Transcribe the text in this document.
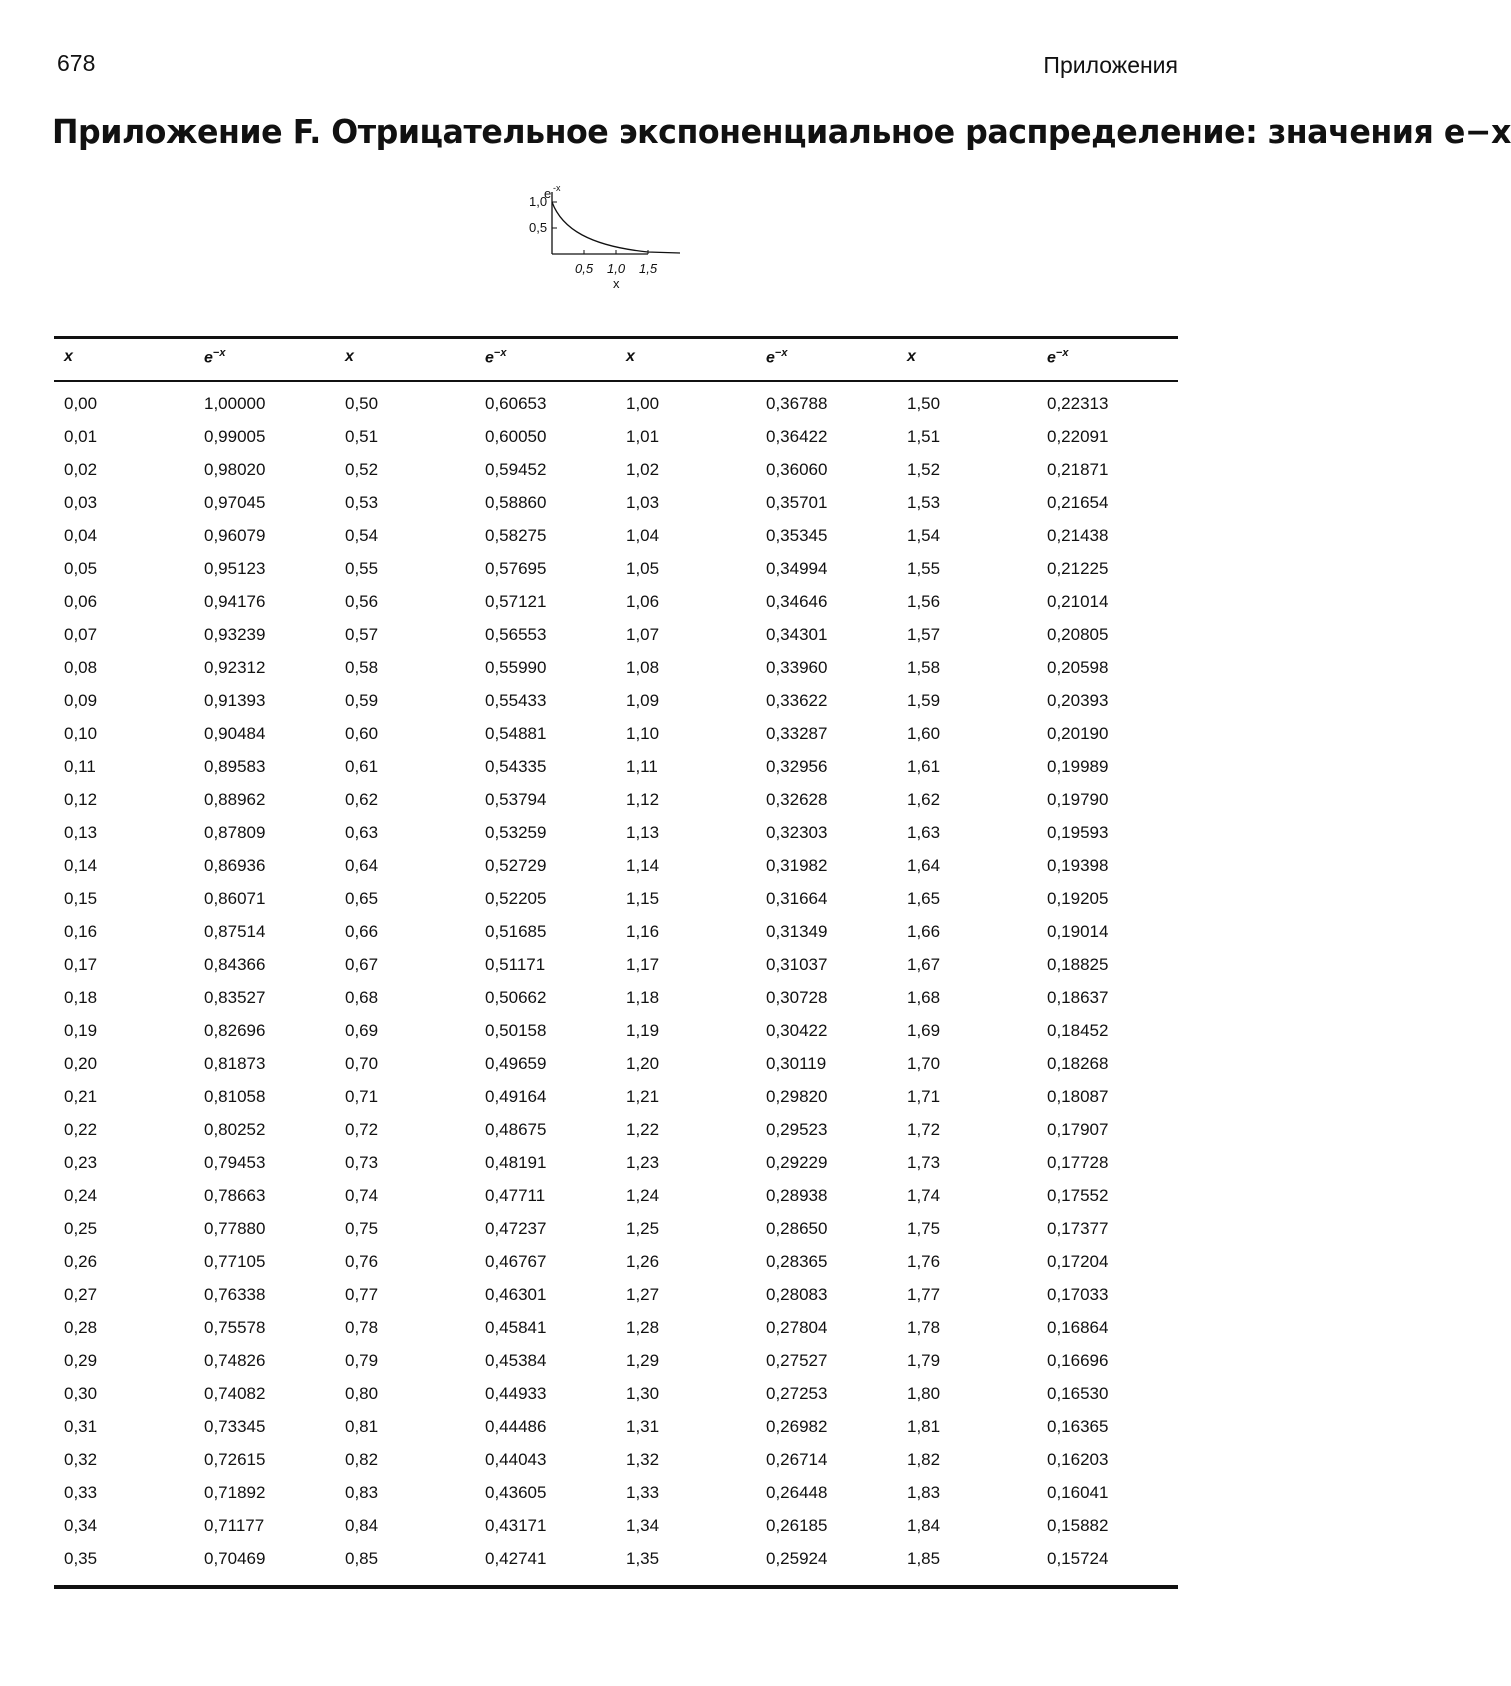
678	Приложения
Приложение F. Отрицательное экспоненциальное распределение: значения e−x
e -x
1,0
0,5
0,5 1,0 1,5
x
x	$e^{-x}$	x	$e^{-x}$	x	$e^{-x}$	x	$e^{-x}$

0,00	1,00000	0,50	0,60653	1,00	0,36788	1,50	0,22313
0,01	0,99005	0,51	0,60050	1,01	0,36422	1,51	0,22091
0,02	0,98020	0,52	0,59452	1,02	0,36060	1,52	0,21871
0,03	0,97045	0,53	0,58860	1,03	0,35701	1,53	0,21654
0,04	0,96079	0,54	0,58275	1,04	0,35345	1,54	0,21438
0,05	0,95123	0,55	0,57695	1,05	0,34994	1,55	0,21225
0,06	0,94176	0,56	0,57121	1,06	0,34646	1,56	0,21014
0,07	0,93239	0,57	0,56553	1,07	0,34301	1,57	0,20805
0,08	0,92312	0,58	0,55990	1,08	0,33960	1,58	0,20598
0,09	0,91393	0,59	0,55433	1,09	0,33622	1,59	0,20393
0,10	0,90484	0,60	0,54881	1,10	0,33287	1,60	0,20190
0,11	0,89583	0,61	0,54335	1,11	0,32956	1,61	0,19989
0,12	0,88962	0,62	0,53794	1,12	0,32628	1,62	0,19790
0,13	0,87809	0,63	0,53259	1,13	0,32303	1,63	0,19593
0,14	0,86936	0,64	0,52729	1,14	0,31982	1,64	0,19398
0,15	0,86071	0,65	0,52205	1,15	0,31664	1,65	0,19205
0,16	0,87514	0,66	0,51685	1,16	0,31349	1,66	0,19014
0,17	0,84366	0,67	0,51171	1,17	0,31037	1,67	0,18825
0,18	0,83527	0,68	0,50662	1,18	0,30728	1,68	0,18637
0,19	0,82696	0,69	0,50158	1,19	0,30422	1,69	0,18452
0,20	0,81873	0,70	0,49659	1,20	0,30119	1,70	0,18268
0,21	0,81058	0,71	0,49164	1,21	0,29820	1,71	0,18087
0,22	0,80252	0,72	0,48675	1,22	0,29523	1,72	0,17907
0,23	0,79453	0,73	0,48191	1,23	0,29229	1,73	0,17728
0,24	0,78663	0,74	0,47711	1,24	0,28938	1,74	0,17552
0,25	0,77880	0,75	0,47237	1,25	0,28650	1,75	0,17377
0,26	0,77105	0,76	0,46767	1,26	0,28365	1,76	0,17204
0,27	0,76338	0,77	0,46301	1,27	0,28083	1,77	0,17033
0,28	0,75578	0,78	0,45841	1,28	0,27804	1,78	0,16864
0,29	0,74826	0,79	0,45384	1,29	0,27527	1,79	0,16696
0,30	0,74082	0,80	0,44933	1,30	0,27253	1,80	0,16530
0,31	0,73345	0,81	0,44486	1,31	0,26982	1,81	0,16365
0,32	0,72615	0,82	0,44043	1,32	0,26714	1,82	0,16203
0,33	0,71892	0,83	0,43605	1,33	0,26448	1,83	0,16041
0,34	0,71177	0,84	0,43171	1,34	0,26185	1,84	0,15882
0,35	0,70469	0,85	0,42741	1,35	0,25924	1,85	0,15724
